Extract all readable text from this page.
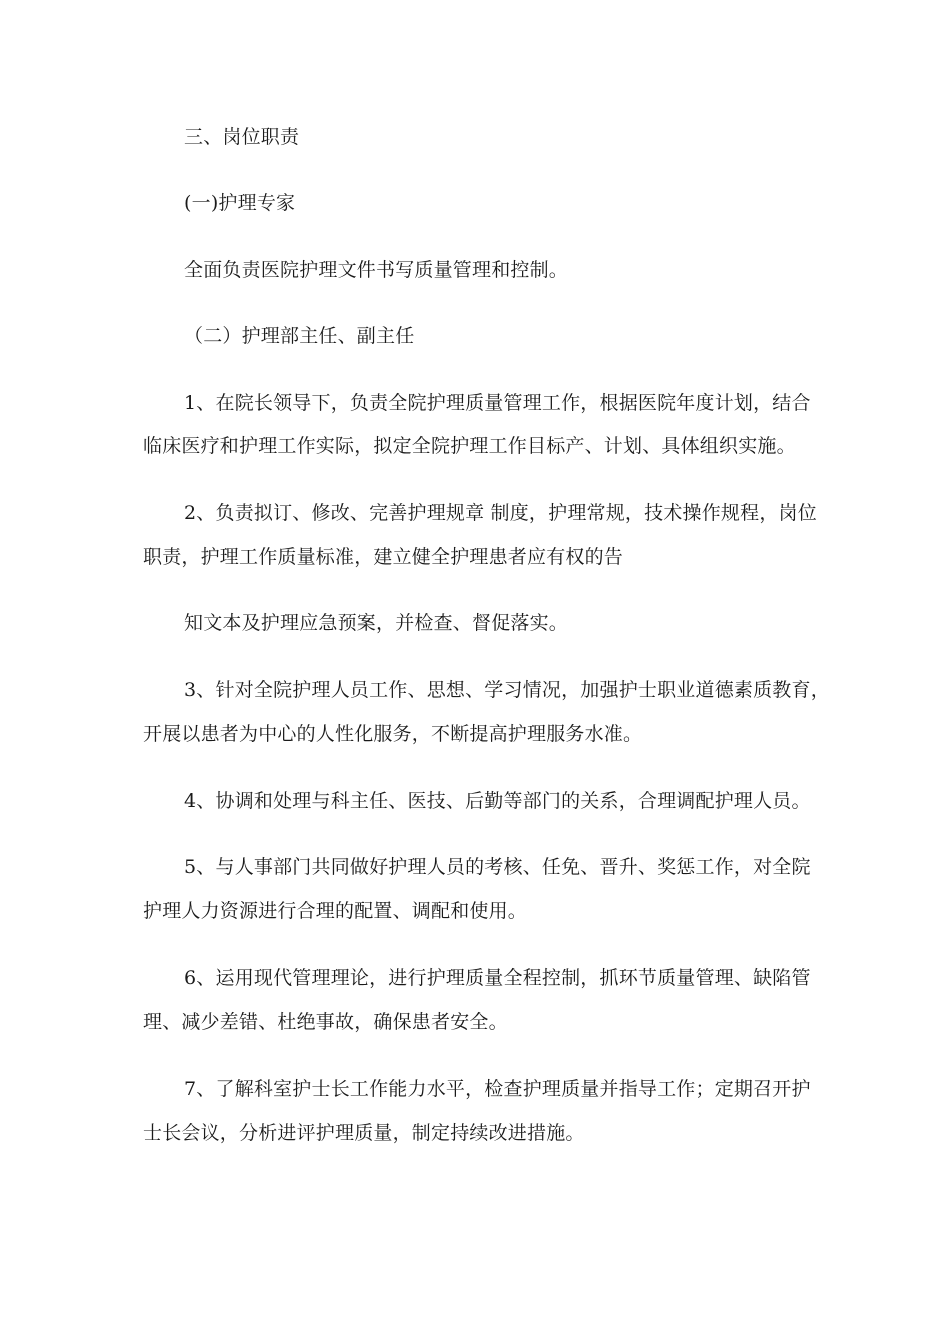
三、岗位职责
(一)护理专家
全面负责医院护理文件书写质量管理和控制。
（二）护理部主任、副主任
1、在院长领导下，负责全院护理质量管理工作，根据医院年度计划，结合
临床医疗和护理工作实际，拟定全院护理工作目标产、计划、具体组织实施。
2、负责拟订、修改、完善护理规章 制度，护理常规，技术操作规程，岗位
职责，护理工作质量标准，建立健全护理患者应有权的告
知文本及护理应急预案，并检查、督促落实。
3、针对全院护理人员工作、思想、学习情况，加强护士职业道德素质教育，
开展以患者为中心的人性化服务，不断提高护理服务水准。
4、协调和处理与科主任、医技、后勤等部门的关系，合理调配护理人员。
5、与人事部门共同做好护理人员的考核、任免、晋升、奖惩工作，对全院
护理人力资源进行合理的配置、调配和使用。
6、运用现代管理理论，进行护理质量全程控制，抓环节质量管理、缺陷管
理、减少差错、杜绝事故，确保患者安全。
7、了解科室护士长工作能力水平，检查护理质量并指导工作；定期召开护
士长会议，分析进评护理质量，制定持续改进措施。
